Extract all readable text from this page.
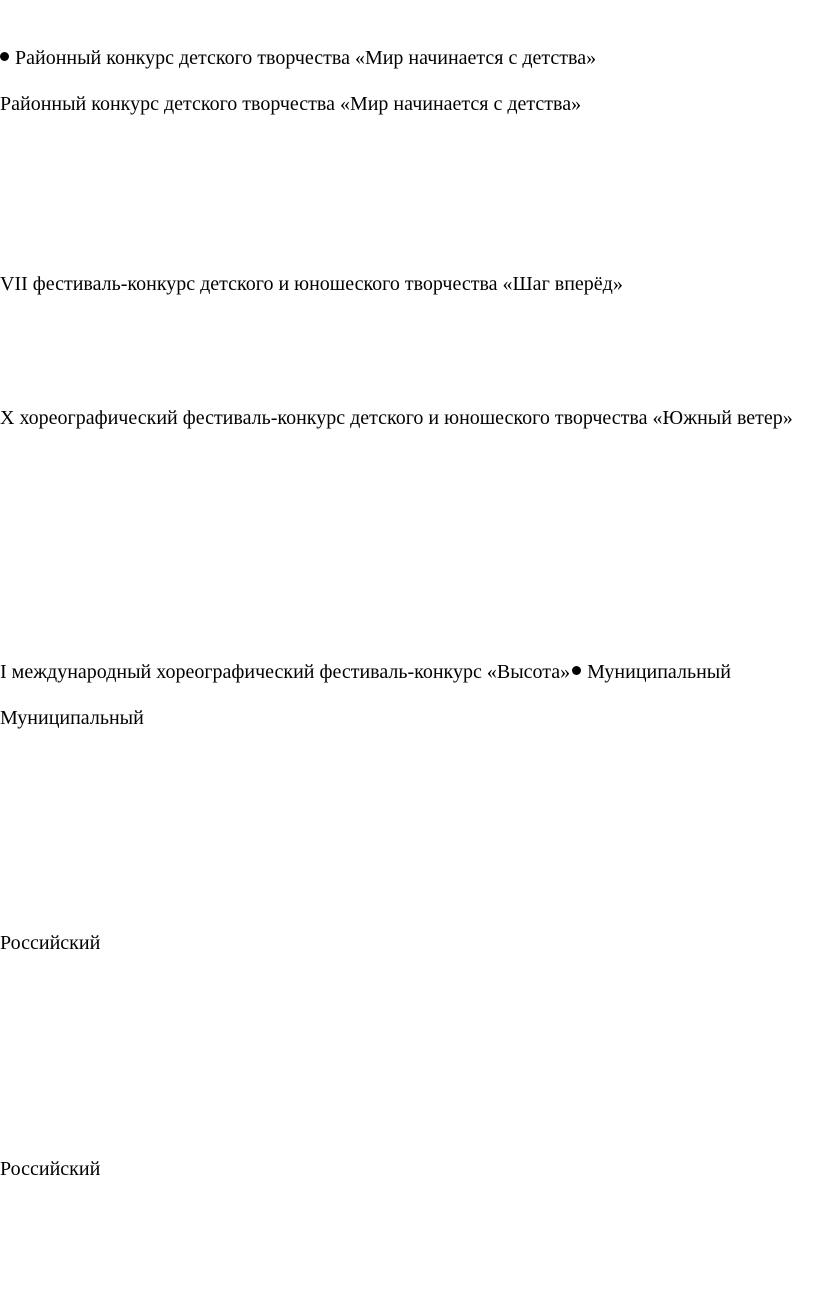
Районный конкурс детского творчества «Мир начинается с детства»

Районный конкурс детского творчества «Мир начинается с детства»

VII фестиваль-конкурс детского и юношеского творчества «Шаг вперёд»

Х хореографический фестиваль-конкурс детского и юношеского творчества «Южный ветер»

I международный хореографический фестиваль-конкурс «Высота» Муниципальный

Муниципальный

Российский

Российский
